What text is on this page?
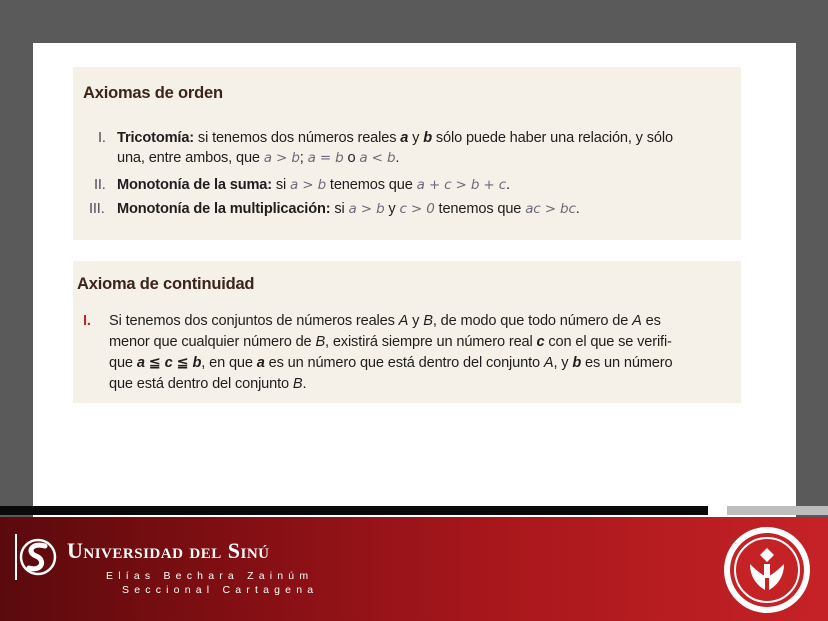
Axiomas de orden
I. Tricotomía: si tenemos dos números reales a y b sólo puede haber una relación, y sólo
una, entre ambos, que a > b; a = b o a < b.
II. Monotonía de la suma: si a > b tenemos que a + c > b + c.
III. Monotonía de la multiplicación: si a > b y c > 0 tenemos que ac > bc.
Axioma de continuidad
I. Si tenemos dos conjuntos de números reales A y B, de modo que todo número de A es
menor que cualquier número de B, existirá siempre un número real c con el que se verifi-
que a ≦ c ≦ b, en que a es un número que está dentro del conjunto A, y b es un número
que está dentro del conjunto B.
Universidad del Sinú
Elías Bechara Zainúm
Seccional Cartagena
